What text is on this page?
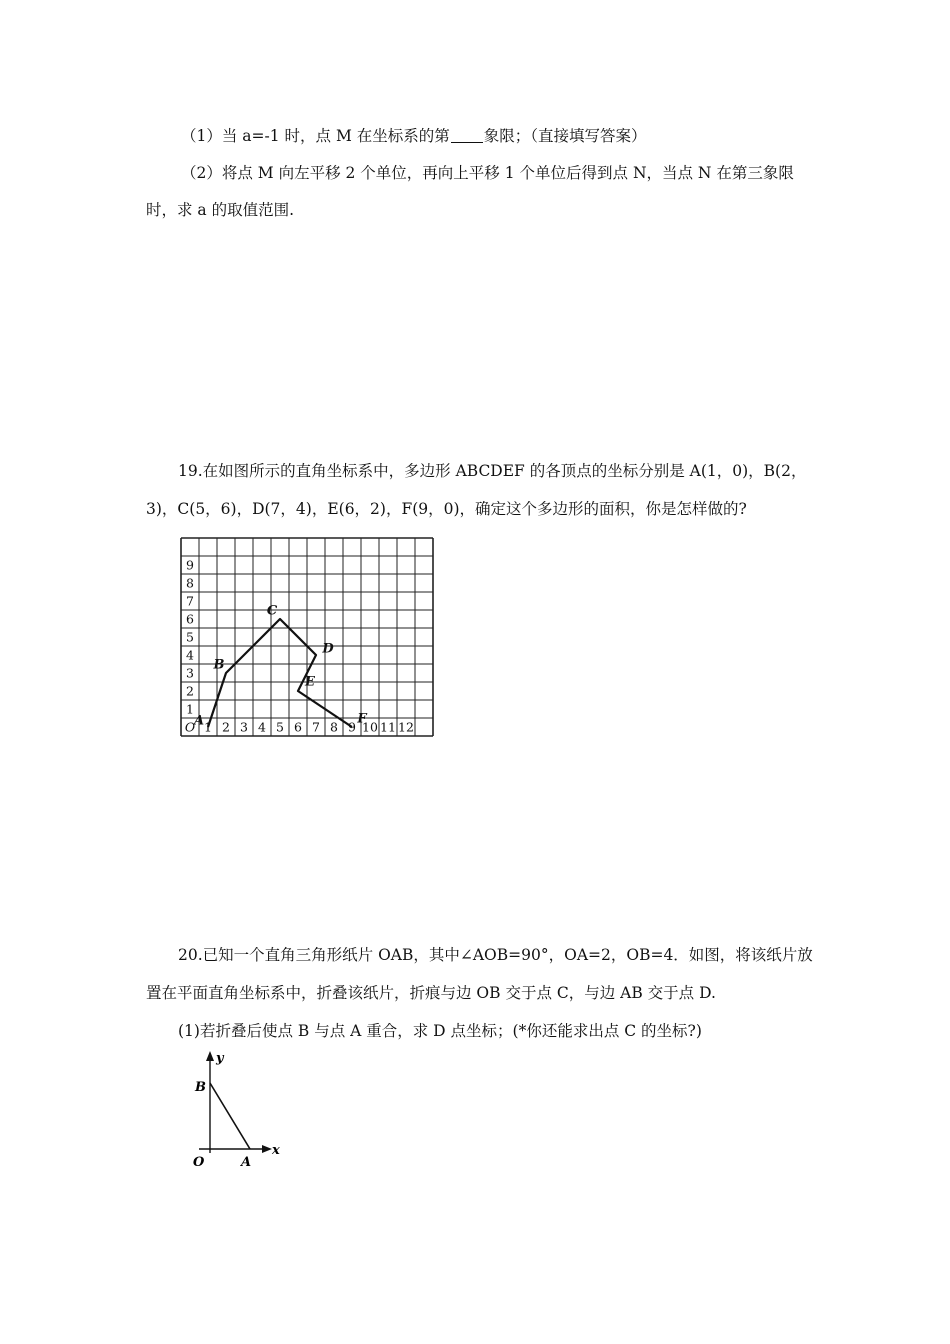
（1）当 a=-1 时，点 M 在坐标系的第 象限；（直接填写答案）
（2）将点 M 向左平移 2 个单位，再向上平移 1 个单位后得到点 N，当点 N 在第三象限
时，求 a 的取值范围.
19.在如图所示的直角坐标系中，多边形 ABCDEF 的各顶点的坐标分别是 A(1，0)，B(2，
3)，C(5，6)，D(7，4)，E(6，2)，F(9，0)，确定这个多边形的面积，你是怎样做的?
O 1 2 3 4 5 6 7 8 9 10 11 12
1
2
3
4
5
6
7
8
9
A
B
C
D
E
F
20.已知一个直角三角形纸片 OAB，其中∠AOB=90°，OA=2，OB=4．如图，将该纸片放
置在平面直角坐标系中，折叠该纸片，折痕与边 OB 交于点 C，与边 AB 交于点 D.
(1)若折叠后使点 B 与点 A 重合，求 D 点坐标；(*你还能求出点 C 的坐标?)
y
x
B
O	A
